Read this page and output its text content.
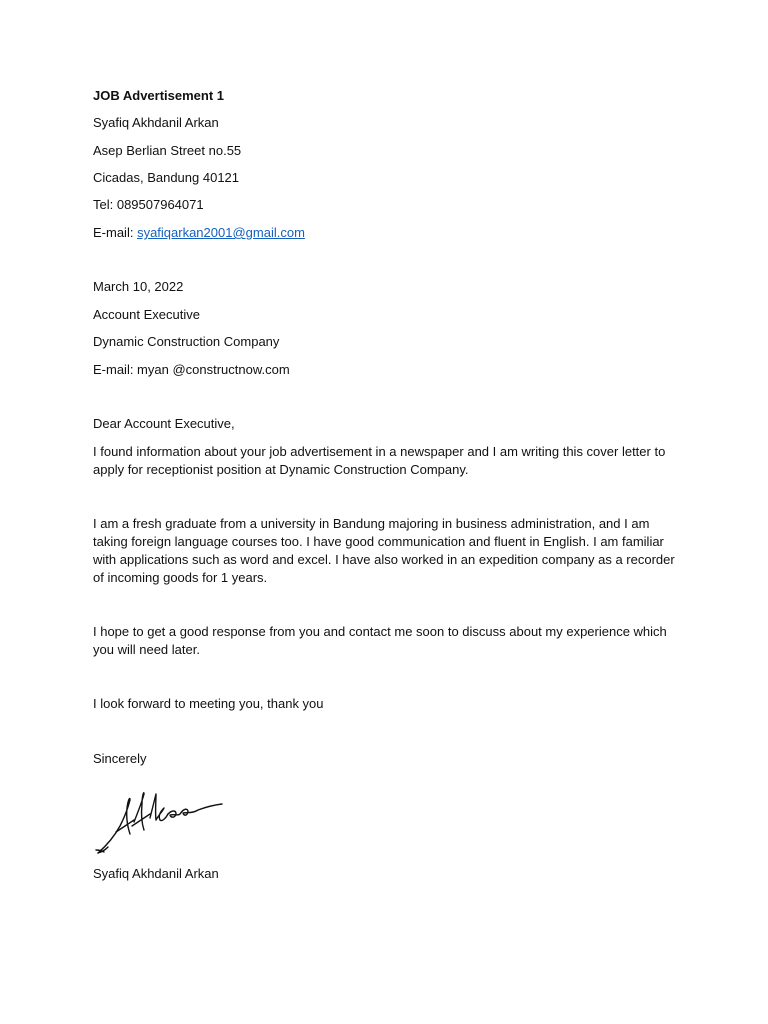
JOB Advertisement 1

Syafiq Akhdanil Arkan

Asep Berlian Street no.55

Cicadas, Bandung 40121

Tel: 089507964071

E-mail: syafiqarkan2001@gmail.com

March 10, 2022

Account Executive

Dynamic Construction Company

E-mail: myan @constructnow.com

Dear Account Executive,

I found information about your job advertisement in a newspaper and I am writing this cover letter to apply for receptionist position at Dynamic Construction Company.

I am a fresh graduate from a university in Bandung majoring in business administration, and I am taking foreign language courses too. I have good communication and fluent in English. I am familiar with applications such as word and excel. I have also worked in an expedition company as a recorder of incoming goods for 1 years.

I hope to get a good response from you and contact me soon to discuss about my experience which you will need later.

I look forward to meeting you, thank you

Sincerely

Syafiq Akhdanil Arkan
